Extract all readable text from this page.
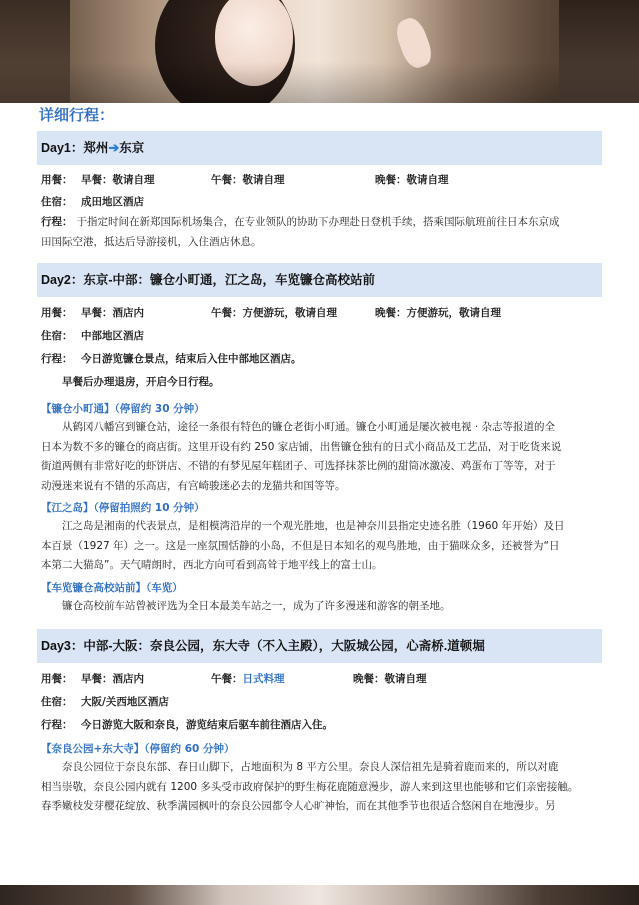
详细行程：
Day1：郑州➔东京
用餐： 早餐：敬请自理	午餐：敬请自理	晚餐：敬请自理
住宿： 成田地区酒店
行程： 于指定时间在新郑国际机场集合，在专业领队的协助下办理赴日登机手续，搭乘国际航班前往日本东京成
田国际空港，抵达后导游接机，入住酒店休息。
Day2：东京-中部：镰仓小町通，江之岛，车览镰仓高校站前
用餐： 早餐：酒店内	午餐：方便游玩，敬请自理	晚餐：方便游玩，敬请自理
住宿： 中部地区酒店
行程： 今日游览镰仓景点，结束后入住中部地区酒店。
早餐后办理退房，开启今日行程。
【镰仓小町通】（停留约 30 分钟）
从鹤冈八幡宫到镰仓站，途径一条很有特色的镰仓老街小町通。镰仓小町通是屡次被电视 · 杂志等报道的全
日本为数不多的镰仓的商店街。这里开设有约 250 家店铺，出售镰仓独有的日式小商品及工艺品，对于吃货来说
街道两侧有非常好吃的虾饼店、不错的有梦见屋年糕团子、可选择抹茶比例的甜筒冰激凌、鸡蛋布丁等等，对于
动漫迷来说有不错的乐高店，有宫崎骏迷必去的龙猫共和国等等。
【江之岛】（停留拍照约 10 分钟）
江之岛是湘南的代表景点，是相模湾沿岸的一个观光胜地，也是神奈川县指定史迹名胜（1960 年开始）及日
本百景（1927 年）之一。这是一座氛围恬静的小岛，不但是日本知名的观鸟胜地，由于猫咪众多，还被誉为“日
本第二大猫岛”。天气晴朗时，西北方向可看到高耸于地平线上的富士山。
【车览镰仓高校站前】（车览）
镰仓高校前车站曾被评选为全日本最美车站之一，成为了许多漫迷和游客的朝圣地。
Day3：中部-大阪：奈良公园，东大寺（不入主殿），大阪城公园，心斋桥.道顿堀
用餐： 早餐：酒店内	午餐：日式料理	晚餐：敬请自理
住宿： 大阪/关西地区酒店
行程： 今日游览大阪和奈良，游览结束后驱车前往酒店入住。
【奈良公园+东大寺】（停留约 60 分钟）
奈良公园位于奈良东部、春日山脚下，占地面积为 8 平方公里。奈良人深信祖先是骑着鹿而来的，所以对鹿
相当崇敬，奈良公园内就有 1200 多头受市政府保护的野生梅花鹿随意漫步，游人来到这里也能够和它们亲密接触。
春季嫩枝发芽樱花绽放、秋季满园枫叶的奈良公园都令人心旷神怡，而在其他季节也很适合悠闲自在地漫步。另
